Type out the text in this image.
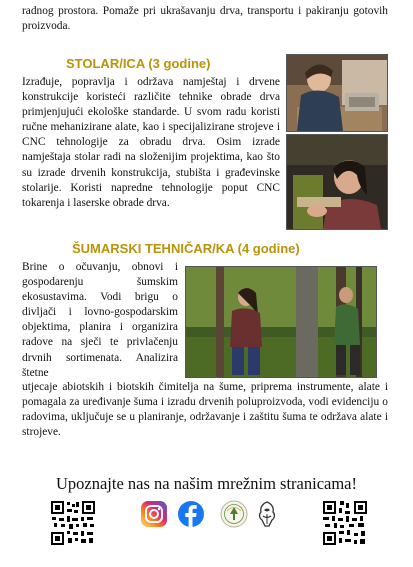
radnog prostora. Pomaže pri ukrašavanju drva, transportu i pakiranju gotovih proizvoda.

STOLAR/ICA (3 godine)

Izrađuje, popravlja i održava namještaj i drvene konstrukcije koristeći različite tehnike obrade drva primjenjujući ekološke standarde. U svom radu koristi ručne mehanizirane alate, kao i specijalizirane strojeve i CNC tehnologije za obradu drva. Osim izrade namještaja stolar radi na složenijim projektima, kao što su izrade drvenih konstrukcija, stubišta i građevinske stolarije. Koristi napredne tehnologije poput CNC tokarenja i laserske obrade drva.

ŠUMARSKI TEHNIČAR/KA (4 godine)

Brine o očuvanju, obnovi i gospodarenju šumskim ekosustavima. Vodi brigu o divljači i lovno-gospodarskim objektima, planira i organizira radove na sječi te privlačenju drvnih sortimenata. Analizira štetne

utjecaje abiotskih i biotskih čimitelja na šume, priprema instrumente, alate i pomagala za uređivanje šuma i izradu drvenih poluproizvoda, vodi evidenciju o radovima, uključuje se u planiranje, održavanje i zaštitu šuma te održava alate i strojeve.

Upoznajte nas na našim mrežnim stranicama!
